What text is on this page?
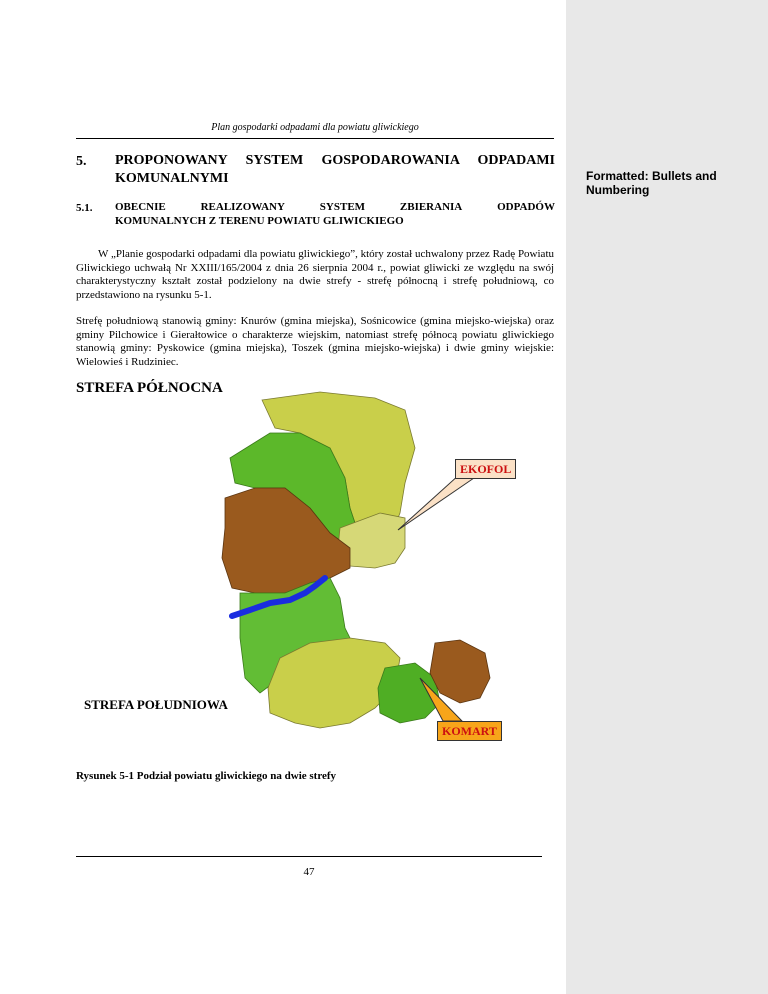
Formatted: Bullets and Numbering
Plan gospodarki odpadami dla powiatu gliwickiego
5. PROPONOWANY SYSTEM GOSPODAROWANIA ODPADAMI KOMUNALNYMI
5.1. OBECNIE	REALIZOWANY	SYSTEM	ZBIERANIA	ODPADÓW
KOMUNALNYCH Z TERENU POWIATU GLIWICKIEGO
W „Planie gospodarki odpadami dla powiatu gliwickiego”, który został uchwalony przez Radę Powiatu Gliwickiego uchwałą Nr XXIII/165/2004 z dnia 26 sierpnia 2004 r., powiat gliwicki ze względu na swój charakterystyczny kształt został podzielony na dwie strefy - strefę północną i strefę południową, co przedstawiono na rysunku 5-1.
Strefę południową stanowią gminy: Knurów (gmina miejska), Sośnicowice (gmina miejsko-wiejska) oraz gminy Pilchowice i Gierałtowice o charakterze wiejskim, natomiast strefę północą powiatu gliwickiego stanowią gminy: Pyskowice (gmina miejska), Toszek (gmina miejsko-wiejska) i dwie gminy wiejskie: Wielowieś i Rudziniec.
STREFA PÓŁNOCNA
STREFA POŁUDNIOWA
EKOFOL
KOMART
Rysunek 5-1 Podział powiatu gliwickiego na dwie strefy
47
